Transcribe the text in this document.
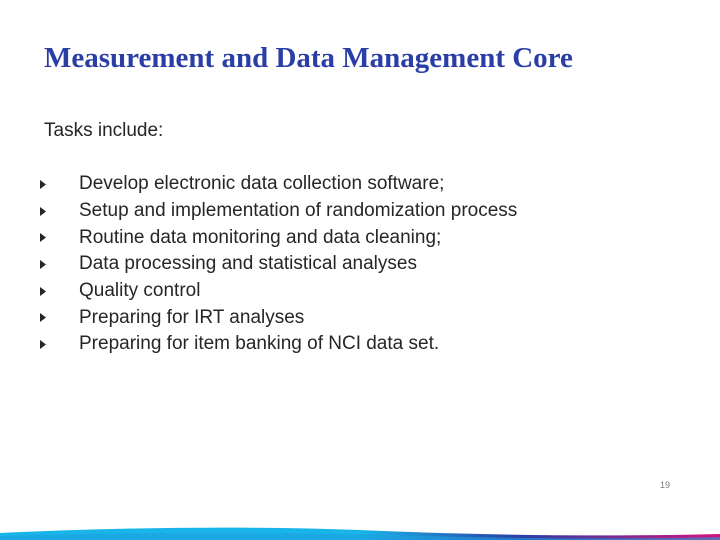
Measurement and Data Management Core
Tasks include:
Develop electronic data collection software;
Setup and implementation of randomization process
Routine data monitoring and data cleaning;
Data processing and statistical analyses
Quality control
Preparing for IRT analyses
Preparing for item banking of NCI data set.
19
